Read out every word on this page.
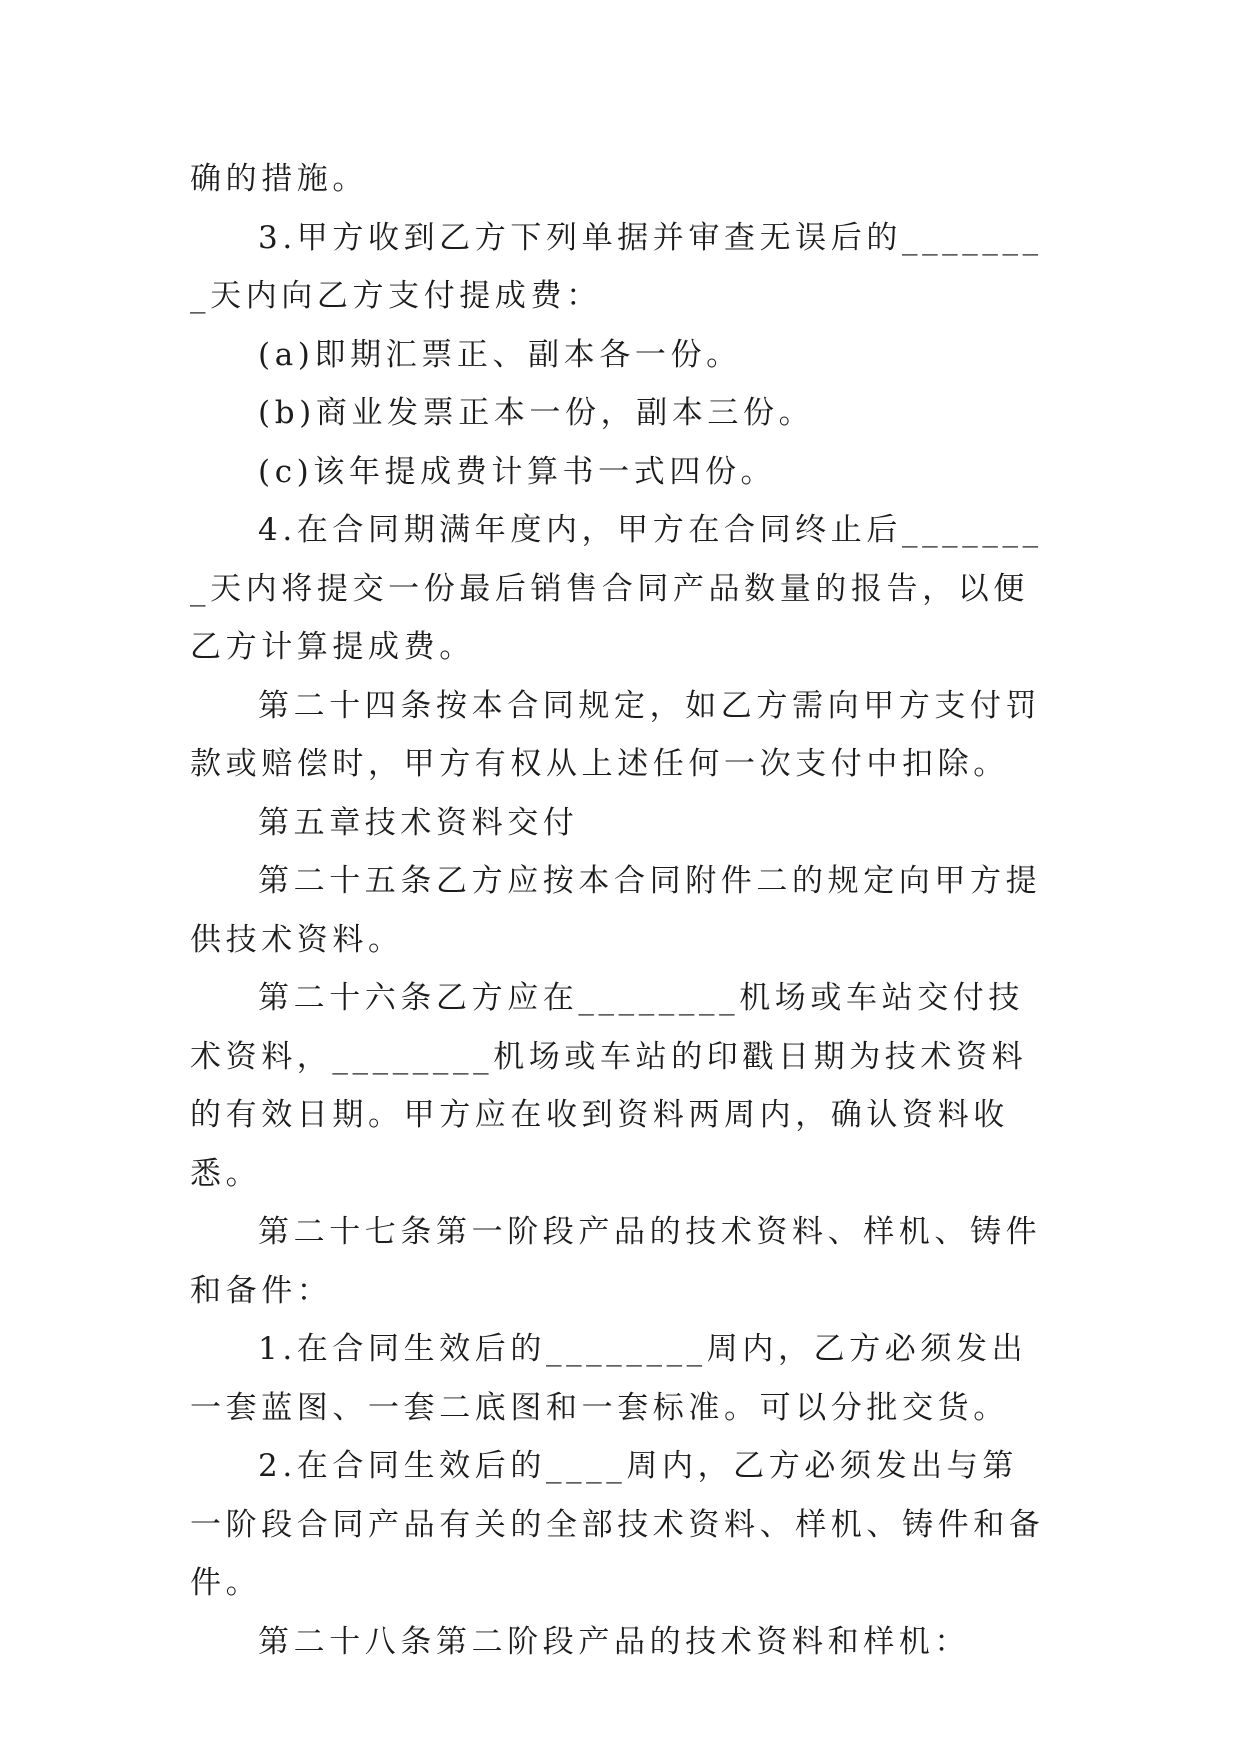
确的措施。

3.甲方收到乙方下列单据并审查无误后的________天内向乙方支付提成费：

(a)即期汇票正、副本各一份。

(b)商业发票正本一份，副本三份。

(c)该年提成费计算书一式四份。

4.在合同期满年度内，甲方在合同终止后________天内将提交一份最后销售合同产品数量的报告，以便乙方计算提成费。

第二十四条按本合同规定，如乙方需向甲方支付罚款或赔偿时，甲方有权从上述任何一次支付中扣除。

第五章技术资料交付

第二十五条乙方应按本合同附件二的规定向甲方提供技术资料。

第二十六条乙方应在________机场或车站交付技术资料，________机场或车站的印戳日期为技术资料的有效日期。甲方应在收到资料两周内，确认资料收悉。

第二十七条第一阶段产品的技术资料、样机、铸件和备件：

1.在合同生效后的________周内，乙方必须发出一套蓝图、一套二底图和一套标准。可以分批交货。

2.在合同生效后的____周内，乙方必须发出与第一阶段合同产品有关的全部技术资料、样机、铸件和备件。

第二十八条第二阶段产品的技术资料和样机：
